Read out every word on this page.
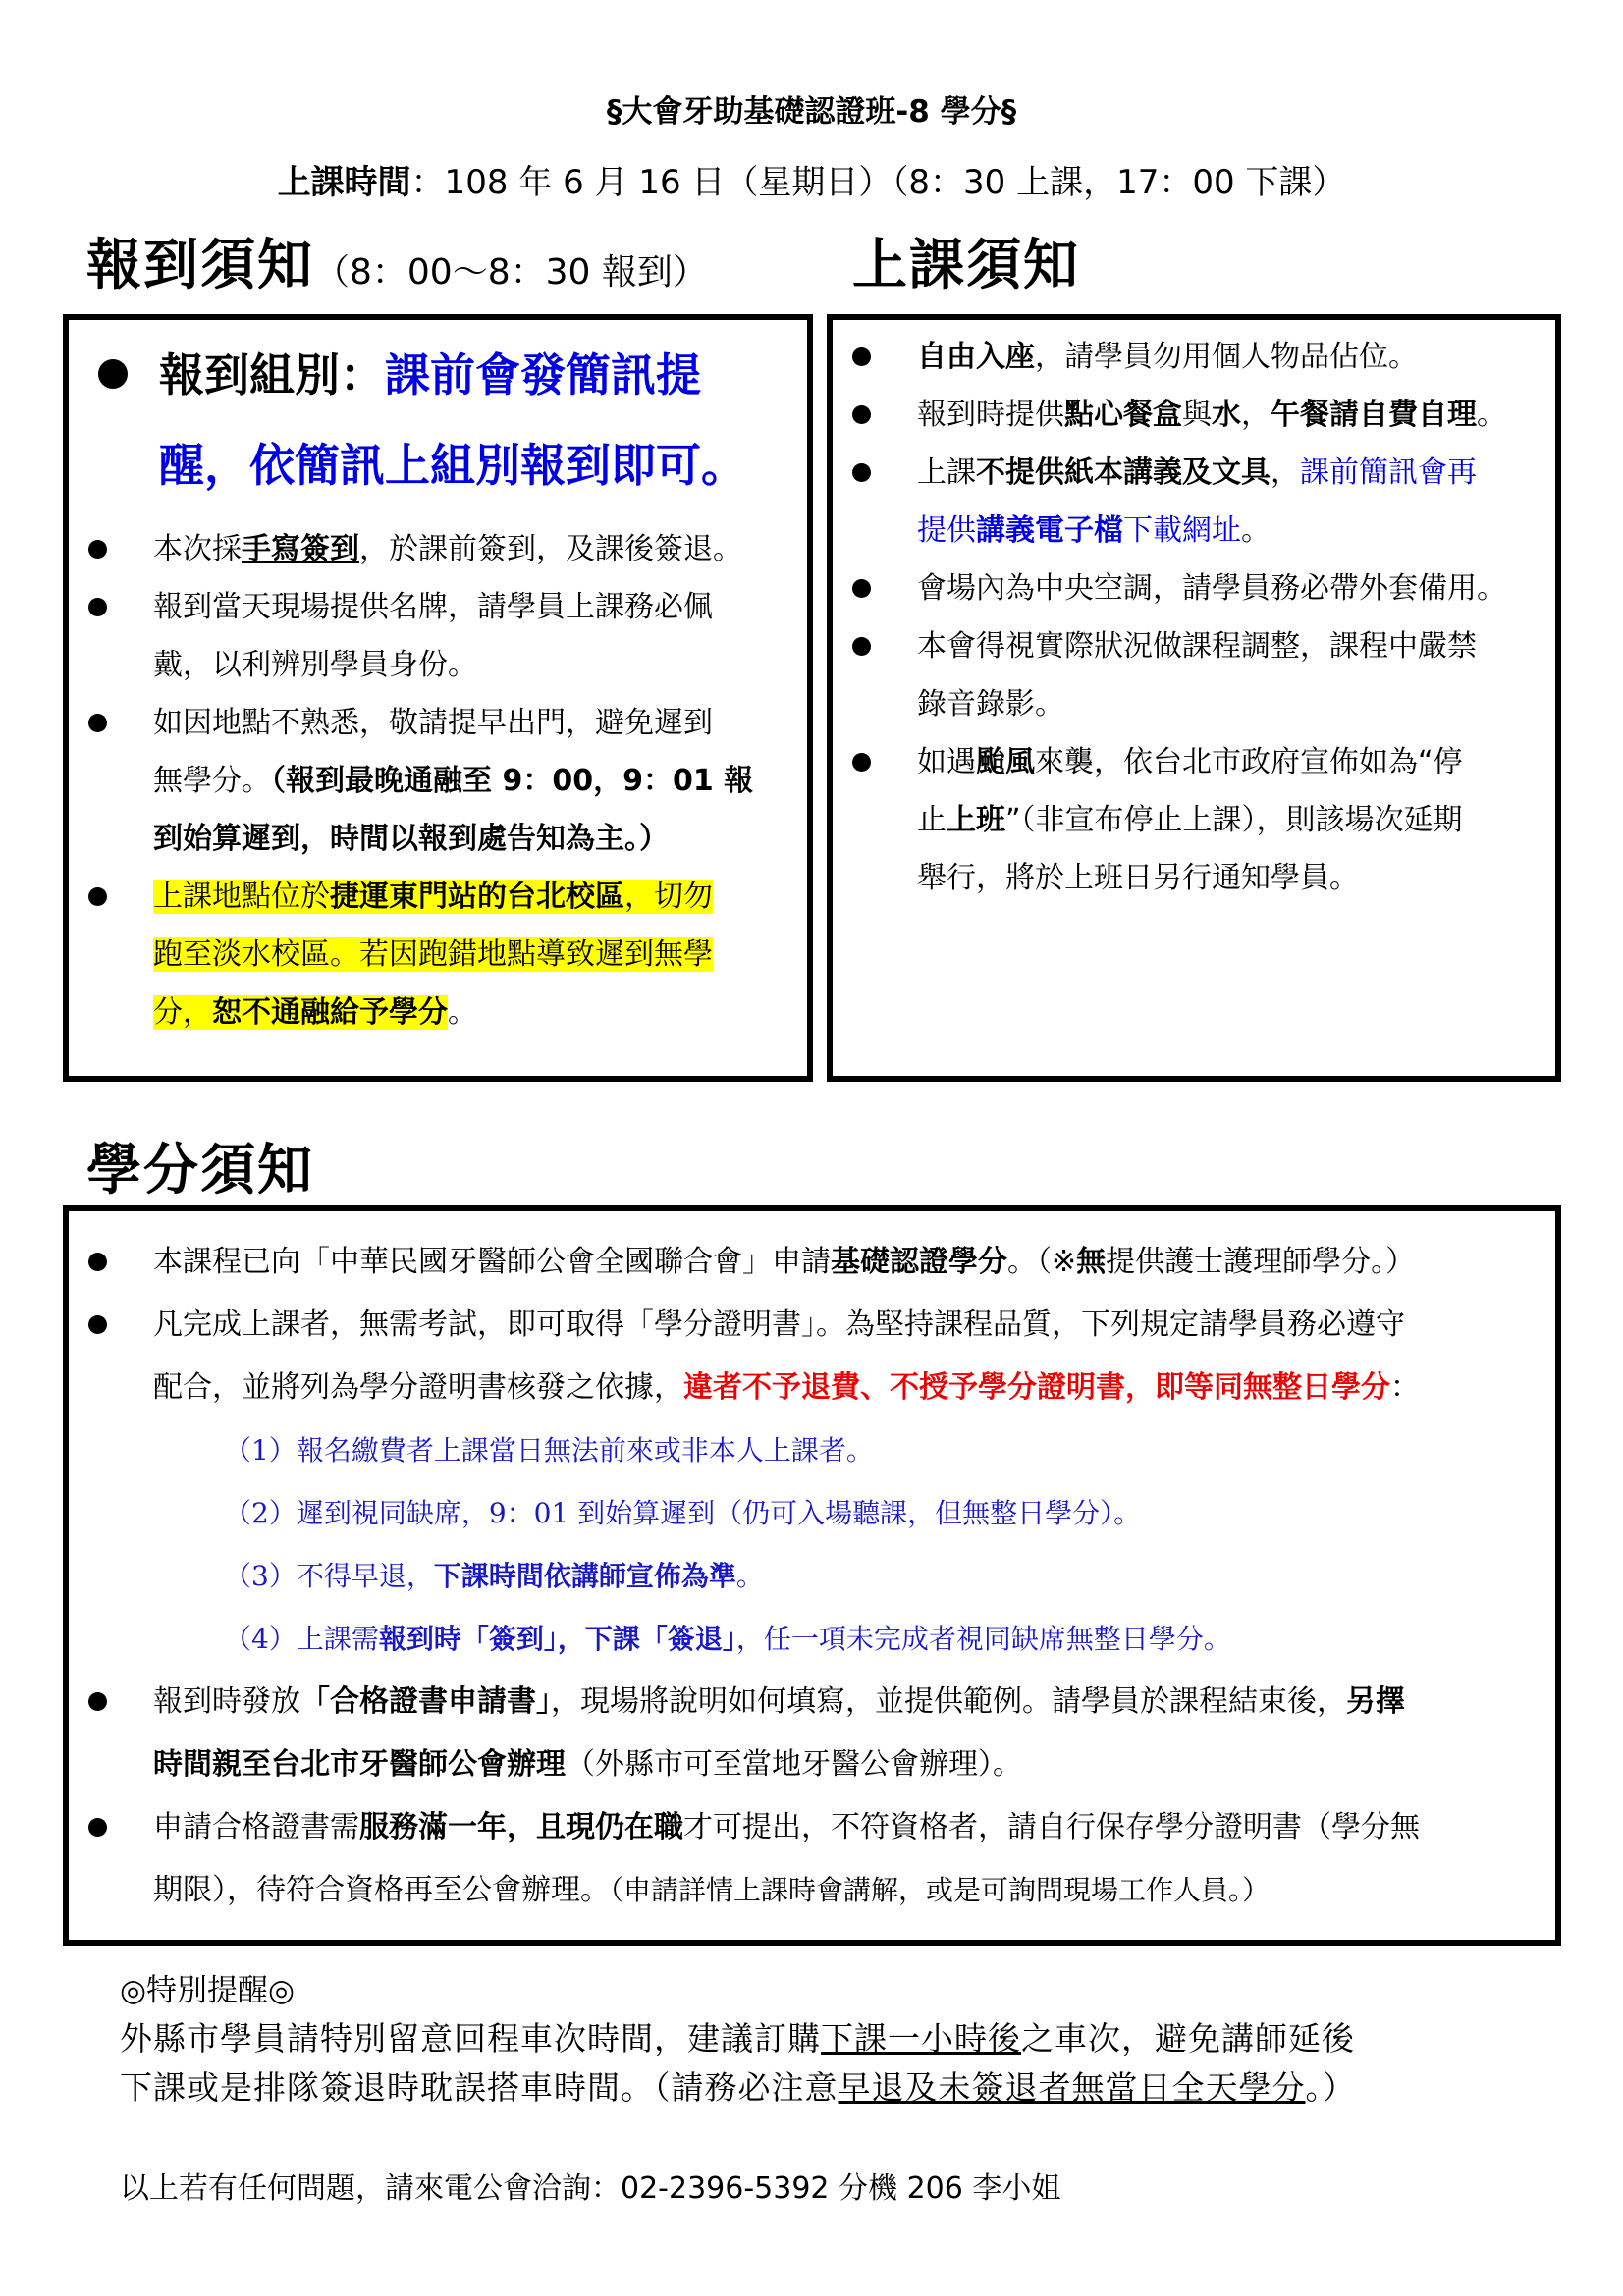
§大會牙助基礎認證班-8 學分§
上課時間：108 年 6 月 16 日（星期日）（8：30 上課，17：00 下課）
報到須知（8：00～8：30 報到）	上課須知
報到組別：課前會發簡訊提
醒，依簡訊上組別報到即可。
本次採手寫簽到，於課前簽到，及課後簽退。
報到當天現場提供名牌，請學員上課務必佩
戴，以利辨別學員身份。
如因地點不熟悉，敬請提早出門，避免遲到
無學分。（報到最晚通融至 9：00，9：01 報
到始算遲到，時間以報到處告知為主。）
上課地點位於捷運東門站的台北校區，切勿
跑至淡水校區。若因跑錯地點導致遲到無學
分，恕不通融給予學分。
自由入座，請學員勿用個人物品佔位。
報到時提供點心餐盒與水，午餐請自費自理。
上課不提供紙本講義及文具，課前簡訊會再
提供講義電子檔下載網址。
會場內為中央空調，請學員務必帶外套備用。
本會得視實際狀況做課程調整，課程中嚴禁
錄音錄影。
如遇颱風來襲，依台北市政府宣佈如為“停
止上班”（非宣布停止上課），則該場次延期
舉行，將於上班日另行通知學員。
學分須知
本課程已向「中華民國牙醫師公會全國聯合會」申請基礎認證學分。（※無提供護士護理師學分。）
凡完成上課者，無需考試，即可取得「學分證明書」。為堅持課程品質，下列規定請學員務必遵守
配合，並將列為學分證明書核發之依據，違者不予退費、不授予學分證明書，即等同無整日學分：
（1）報名繳費者上課當日無法前來或非本人上課者。
（2）遲到視同缺席，9：01 到始算遲到（仍可入場聽課，但無整日學分）。
（3）不得早退，下課時間依講師宣佈為準。
（4）上課需報到時「簽到」，下課「簽退」，任一項未完成者視同缺席無整日學分。
報到時發放「合格證書申請書」，現場將說明如何填寫，並提供範例。請學員於課程結束後，另擇
時間親至台北市牙醫師公會辦理（外縣市可至當地牙醫公會辦理）。
申請合格證書需服務滿一年，且現仍在職才可提出，不符資格者，請自行保存學分證明書（學分無
期限），待符合資格再至公會辦理。（申請詳情上課時會講解，或是可詢問現場工作人員。）
◎特別提醒◎
外縣市學員請特別留意回程車次時間，建議訂購下課一小時後之車次，避免講師延後
下課或是排隊簽退時耽誤搭車時間。（請務必注意早退及未簽退者無當日全天學分。）
以上若有任何問題，請來電公會洽詢：02-2396-5392 分機 206 李小姐
